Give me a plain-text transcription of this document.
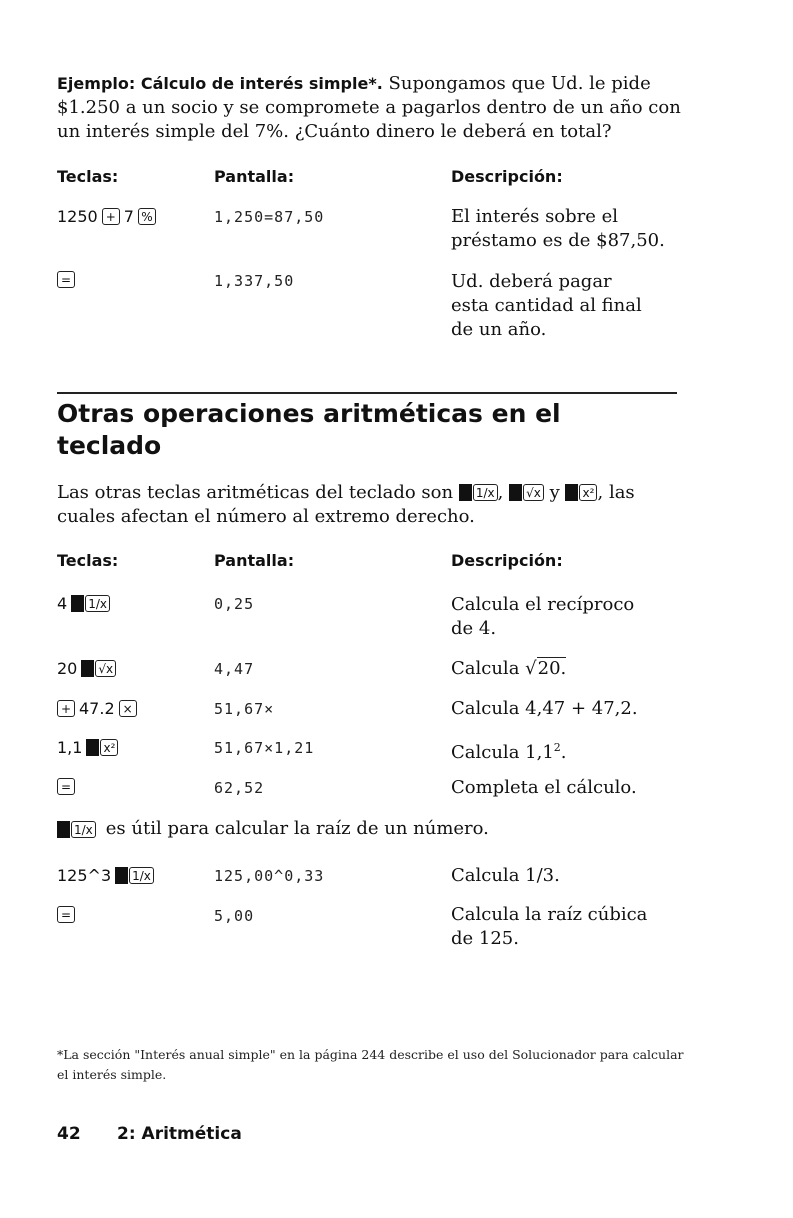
Ejemplo: Cálculo de interés simple*. Supongamos que Ud. le pide $1.250 a un socio y se compromete a pagarlos dentro de un año con un interés simple del 7%. ¿Cuánto dinero le deberá en total?
Teclas:	Pantalla:	Descripción:
1250 + 7 %	1,250=87,50	El interés sobre el préstamo es de $87,50.
=	1,337,50	Ud. deberá pagar esta cantidad al final de un año.
Otras operaciones aritméticas en el teclado
Las otras teclas aritméticas del teclado son 1/x , √x y x² , las cuales afectan el número al extremo derecho.
Teclas:	Pantalla:	Descripción:
4 1/x	0,25	Calcula el recíproco de 4.
20 √x	4,47	Calcula √20.
+ 47.2 ×	51,67×	Calcula 4,47 + 47,2.
1,1 x²	51,67×1,21	Calcula $1,1^2$.
=	62,52	Completa el cálculo.
1/x es útil para calcular la raíz de un número.
125^3 1/x	125,00^0,33	Calcula 1/3.
=	5,00	Calcula la raíz cúbica de 125.
*La sección "Interés anual simple" en la página 244 describe el uso del Solucionador para calcular el interés simple.
42 2: Aritmética
